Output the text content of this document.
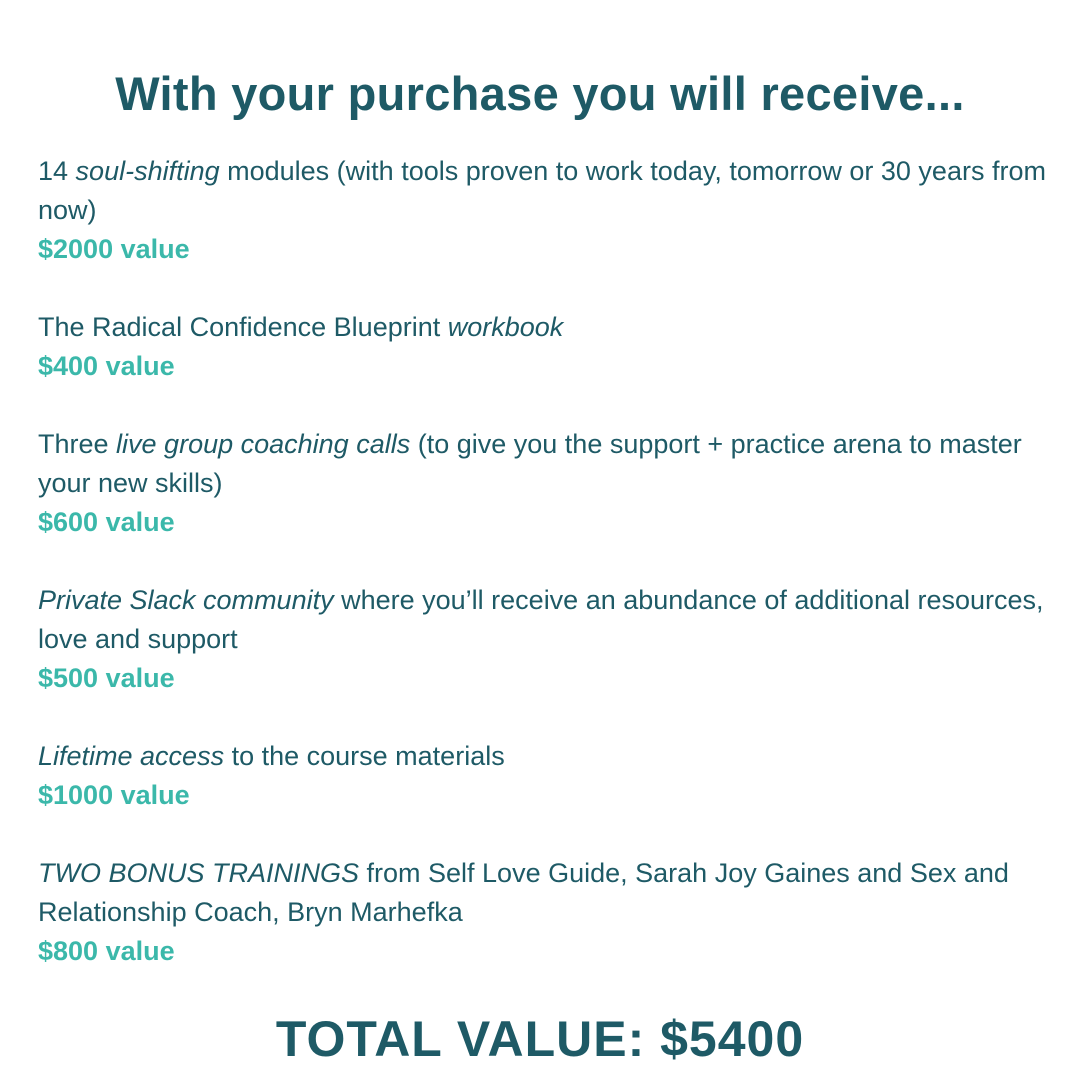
With your purchase you will receive...
14 soul-shifting modules (with tools proven to work today, tomorrow or 30 years from now)
$2000 value
The Radical Confidence Blueprint workbook
$400 value
Three live group coaching calls (to give you the support + practice arena to master your new skills)
$600 value
Private Slack community where you’ll receive an abundance of additional resources, love and support
$500 value
Lifetime access to the course materials
$1000 value
TWO BONUS TRAININGS from Self Love Guide, Sarah Joy Gaines and Sex and Relationship Coach, Bryn Marhefka
$800 value
TOTAL VALUE: $5400
